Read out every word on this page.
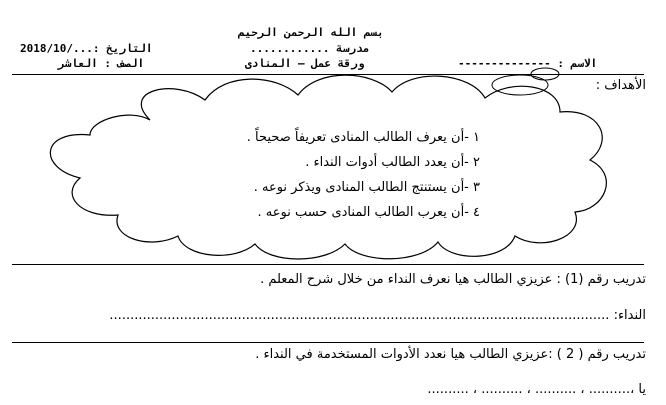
بسم الله الرحمن الرحيم
2018/10/...: التاريخ	مدرسة ............
الصف : العاشر	ورقة عمل – المنادى	الاسم : --------------
الأهداف :
١ -أن يعرف الطالب المنادى تعريفاً صحيحاً .
٢ -أن يعدد الطالب أدوات النداء .
٣ -أن يستنتج الطالب المنادى ويذكر نوعه .
٤ -أن يعرب الطالب المنادى حسب نوعه .
تدريب رقم (1) : عزيزي الطالب هيا نعرف النداء من خلال شرح المعلم .
النداء: .........................................................................................................................
تدريب رقم ( 2 ) :عزيزي الطالب هيا نعدد الأدوات المستخدمة في النداء .
يا ،.......... ، .......... ، .......... ، ..........
